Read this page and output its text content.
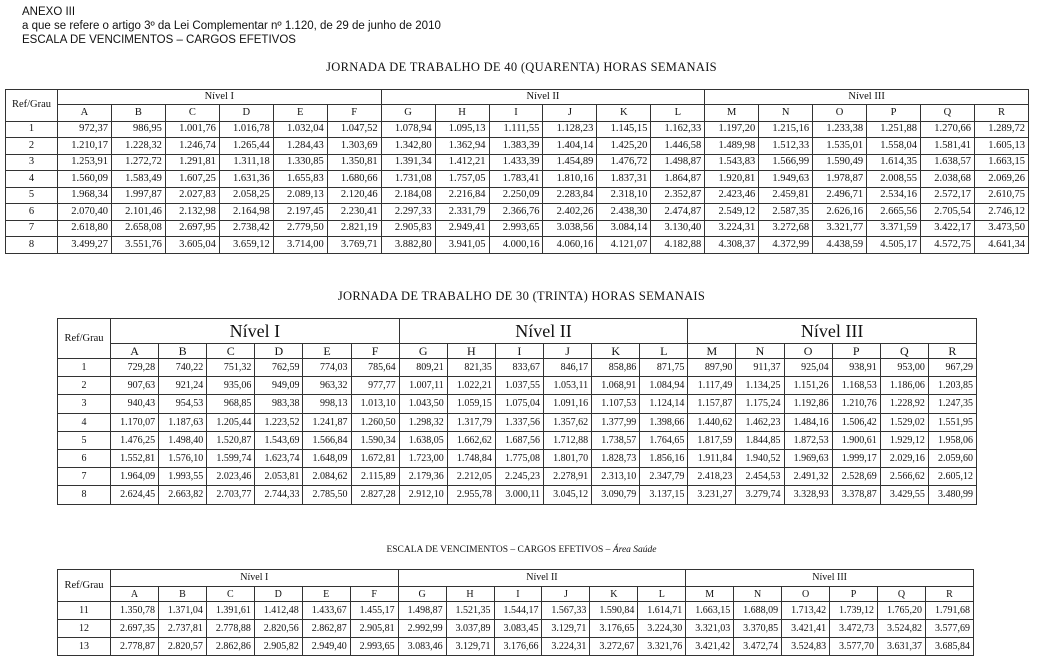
ANEXO III
a que se refere o artigo 3º da Lei Complementar nº 1.120, de 29 de junho de 2010
ESCALA DE VENCIMENTOS – CARGOS EFETIVOS
JORNADA DE TRABALHO DE 40 (QUARENTA) HORAS SEMANAIS
Ref/Grau	Nível I						Nível II						Nível III					
	A	B	C	D	E	F	G	H	I	J	K	L	M	N	O	P	Q	R
1	972,37	986,95	1.001,76	1.016,78	1.032,04	1.047,52	1.078,94	1.095,13	1.111,55	1.128,23	1.145,15	1.162,33	1.197,20	1.215,16	1.233,38	1.251,88	1.270,66	1.289,72
2	1.210,17	1.228,32	1.246,74	1.265,44	1.284,43	1.303,69	1.342,80	1.362,94	1.383,39	1.404,14	1.425,20	1.446,58	1.489,98	1.512,33	1.535,01	1.558,04	1.581,41	1.605,13
3	1.253,91	1.272,72	1.291,81	1.311,18	1.330,85	1.350,81	1.391,34	1.412,21	1.433,39	1.454,89	1.476,72	1.498,87	1.543,83	1.566,99	1.590,49	1.614,35	1.638,57	1.663,15
4	1.560,09	1.583,49	1.607,25	1.631,36	1.655,83	1.680,66	1.731,08	1.757,05	1.783,41	1.810,16	1.837,31	1.864,87	1.920,81	1.949,63	1.978,87	2.008,55	2.038,68	2.069,26
5	1.968,34	1.997,87	2.027,83	2.058,25	2.089,13	2.120,46	2.184,08	2.216,84	2.250,09	2.283,84	2.318,10	2.352,87	2.423,46	2.459,81	2.496,71	2.534,16	2.572,17	2.610,75
6	2.070,40	2.101,46	2.132,98	2.164,98	2.197,45	2.230,41	2.297,33	2.331,79	2.366,76	2.402,26	2.438,30	2.474,87	2.549,12	2.587,35	2.626,16	2.665,56	2.705,54	2.746,12
7	2.618,80	2.658,08	2.697,95	2.738,42	2.779,50	2.821,19	2.905,83	2.949,41	2.993,65	3.038,56	3.084,14	3.130,40	3.224,31	3.272,68	3.321,77	3.371,59	3.422,17	3.473,50
8	3.499,27	3.551,76	3.605,04	3.659,12	3.714,00	3.769,71	3.882,80	3.941,05	4.000,16	4.060,16	4.121,07	4.182,88	4.308,37	4.372,99	4.438,59	4.505,17	4.572,75	4.641,34
JORNADA DE TRABALHO DE 30 (TRINTA) HORAS SEMANAIS
Ref/Grau	Nível I						Nível II						Nível III					
	A	B	C	D	E	F	G	H	I	J	K	L	M	N	O	P	Q	R
1	729,28	740,22	751,32	762,59	774,03	785,64	809,21	821,35	833,67	846,17	858,86	871,75	897,90	911,37	925,04	938,91	953,00	967,29
2	907,63	921,24	935,06	949,09	963,32	977,77	1.007,11	1.022,21	1.037,55	1.053,11	1.068,91	1.084,94	1.117,49	1.134,25	1.151,26	1.168,53	1.186,06	1.203,85
3	940,43	954,53	968,85	983,38	998,13	1.013,10	1.043,50	1.059,15	1.075,04	1.091,16	1.107,53	1.124,14	1.157,87	1.175,24	1.192,86	1.210,76	1.228,92	1.247,35
4	1.170,07	1.187,63	1.205,44	1.223,52	1.241,87	1.260,50	1.298,32	1.317,79	1.337,56	1.357,62	1.377,99	1.398,66	1.440,62	1.462,23	1.484,16	1.506,42	1.529,02	1.551,95
5	1.476,25	1.498,40	1.520,87	1.543,69	1.566,84	1.590,34	1.638,05	1.662,62	1.687,56	1.712,88	1.738,57	1.764,65	1.817,59	1.844,85	1.872,53	1.900,61	1.929,12	1.958,06
6	1.552,81	1.576,10	1.599,74	1.623,74	1.648,09	1.672,81	1.723,00	1.748,84	1.775,08	1.801,70	1.828,73	1.856,16	1.911,84	1.940,52	1.969,63	1.999,17	2.029,16	2.059,60
7	1.964,09	1.993,55	2.023,46	2.053,81	2.084,62	2.115,89	2.179,36	2.212,05	2.245,23	2.278,91	2.313,10	2.347,79	2.418,23	2.454,53	2.491,32	2.528,69	2.566,62	2.605,12
8	2.624,45	2.663,82	2.703,77	2.744,33	2.785,50	2.827,28	2.912,10	2.955,78	3.000,11	3.045,12	3.090,79	3.137,15	3.231,27	3.279,74	3.328,93	3.378,87	3.429,55	3.480,99
ESCALA DE VENCIMENTOS – CARGOS EFETIVOS – Área Saúde
Ref/Grau	Nível I						Nível II						Nível III					
	A	B	C	D	E	F	G	H	I	J	K	L	M	N	O	P	Q	R
11	1.350,78	1.371,04	1.391,61	1.412,48	1.433,67	1.455,17	1.498,87	1.521,35	1.544,17	1.567,33	1.590,84	1.614,71	1.663,15	1.688,09	1.713,42	1.739,12	1.765,20	1.791,68
12	2.697,35	2.737,81	2.778,88	2.820,56	2.862,87	2.905,81	2.992,99	3.037,89	3.083,45	3.129,71	3.176,65	3.224,30	3.321,03	3.370,85	3.421,41	3.472,73	3.524,82	3.577,69
13	2.778,87	2.820,57	2.862,86	2.905,82	2.949,40	2.993,65	3.083,46	3.129,71	3.176,66	3.224,31	3.272,67	3.321,76	3.421,42	3.472,74	3.524,83	3.577,70	3.631,37	3.685,84
